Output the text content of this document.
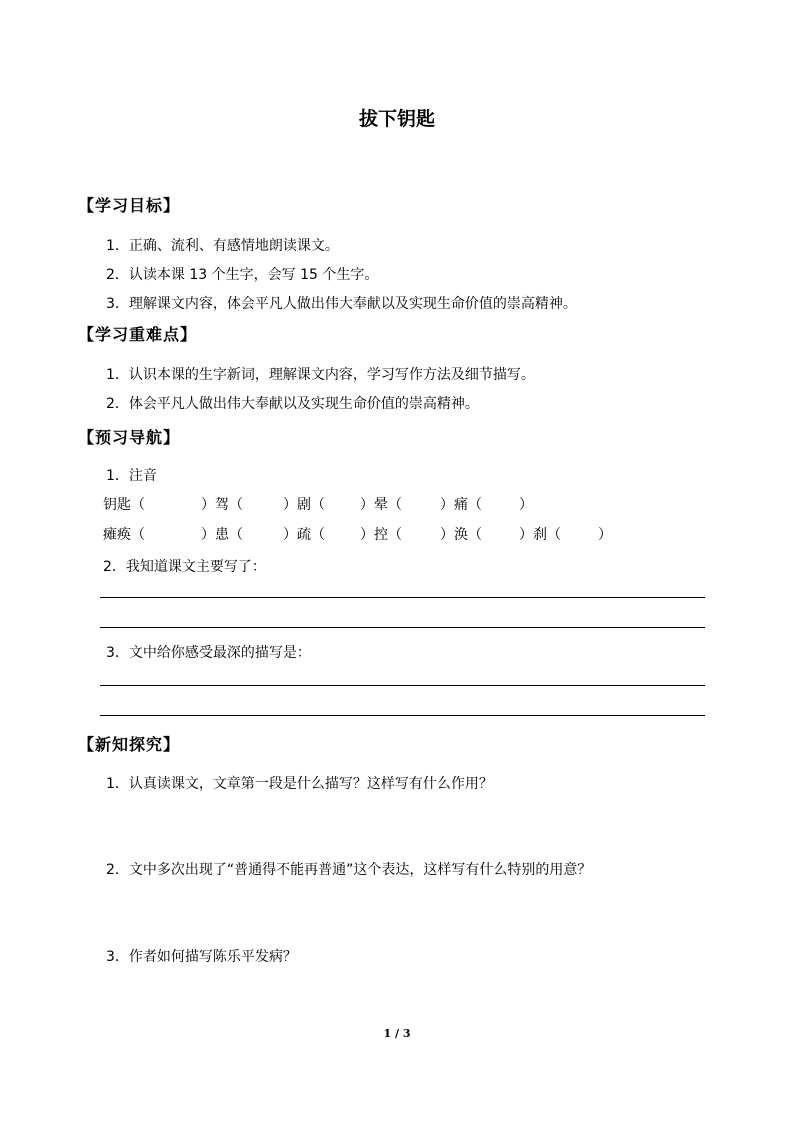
拔下钥匙
【学习目标】
1．正确、流利、有感情地朗读课文。
2．认读本课 13 个生字，会写 15 个生字。
3．理解课文内容，体会平凡人做出伟大奉献以及实现生命价值的崇高精神。
【学习重难点】
1．认识本课的生字新词，理解课文内容，学习写作方法及细节描写。
2．体会平凡人做出伟大奉献以及实现生命价值的崇高精神。
【预习导航】
1．注音
钥匙（	）驾（	）剧（	）晕（	）痛（	）
瘫痪（	）患（	）疏（	）控（	）涣（	）刹（	）
2．我知道课文主要写了：
3．文中给你感受最深的描写是：
【新知探究】
1．认真读课文，文章第一段是什么描写？这样写有什么作用？
2．文中多次出现了“普通得不能再普通”这个表达，这样写有什么特别的用意？
3．作者如何描写陈乐平发病？
1 / 3
